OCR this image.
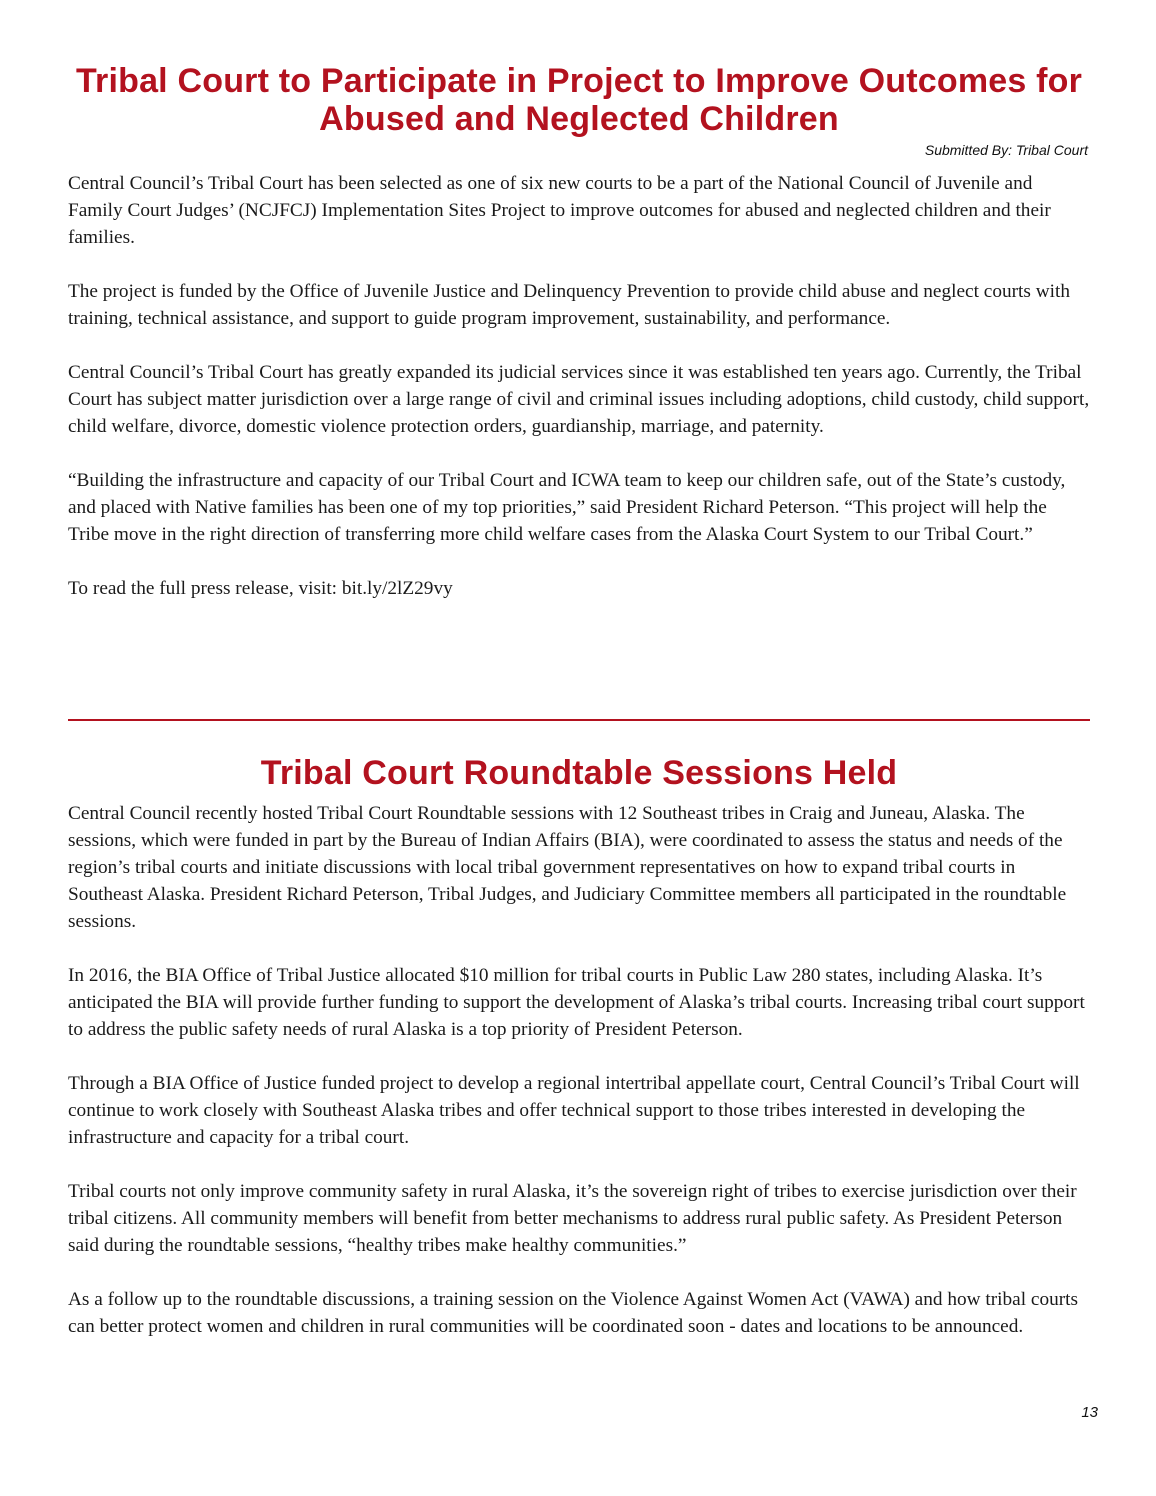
Tribal Court to Participate in Project to Improve Outcomes for Abused and Neglected Children
Submitted By: Tribal Court

Central Council’s Tribal Court has been selected as one of six new courts to be a part of the National Council of Juvenile and Family Court Judges’ (NCJFCJ) Implementation Sites Project to improve outcomes for abused and neglected children and their families.

The project is funded by the Office of Juvenile Justice and Delinquency Prevention to provide child abuse and neglect courts with training, technical assistance, and support to guide program improvement, sustainability, and performance.

Central Council’s Tribal Court has greatly expanded its judicial services since it was established ten years ago. Currently, the Tribal Court has subject matter jurisdiction over a large range of civil and criminal issues including adoptions, child custody, child support, child welfare, divorce, domestic violence protection orders, guardianship, marriage, and paternity.

“Building the infrastructure and capacity of our Tribal Court and ICWA team to keep our children safe, out of the State’s custody, and placed with Native families has been one of my top priorities,” said President Richard Peterson. “This project will help the Tribe move in the right direction of transferring more child welfare cases from the Alaska Court System to our Tribal Court.”

To read the full press release, visit: bit.ly/2lZ29vy

Tribal Court Roundtable Sessions Held

Central Council recently hosted Tribal Court Roundtable sessions with 12 Southeast tribes in Craig and Juneau, Alaska. The sessions, which were funded in part by the Bureau of Indian Affairs (BIA), were coordinated to assess the status and needs of the region’s tribal courts and initiate discussions with local tribal government representatives on how to expand tribal courts in Southeast Alaska. President Richard Peterson, Tribal Judges, and Judiciary Committee members all participated in the roundtable sessions.

In 2016, the BIA Office of Tribal Justice allocated $10 million for tribal courts in Public Law 280 states, including Alaska. It’s anticipated the BIA will provide further funding to support the development of Alaska’s tribal courts. Increasing tribal court support to address the public safety needs of rural Alaska is a top priority of President Peterson.

Through a BIA Office of Justice funded project to develop a regional intertribal appellate court, Central Council’s Tribal Court will continue to work closely with Southeast Alaska tribes and offer technical support to those tribes interested in developing the infrastructure and capacity for a tribal court.

Tribal courts not only improve community safety in rural Alaska, it’s the sovereign right of tribes to exercise jurisdiction over their tribal citizens. All community members will benefit from better mechanisms to address rural public safety. As President Peterson said during the roundtable sessions, “healthy tribes make healthy communities.”

As a follow up to the roundtable discussions, a training session on the Violence Against Women Act (VAWA) and how tribal courts can better protect women and children in rural communities will be coordinated soon - dates and locations to be announced.

13
